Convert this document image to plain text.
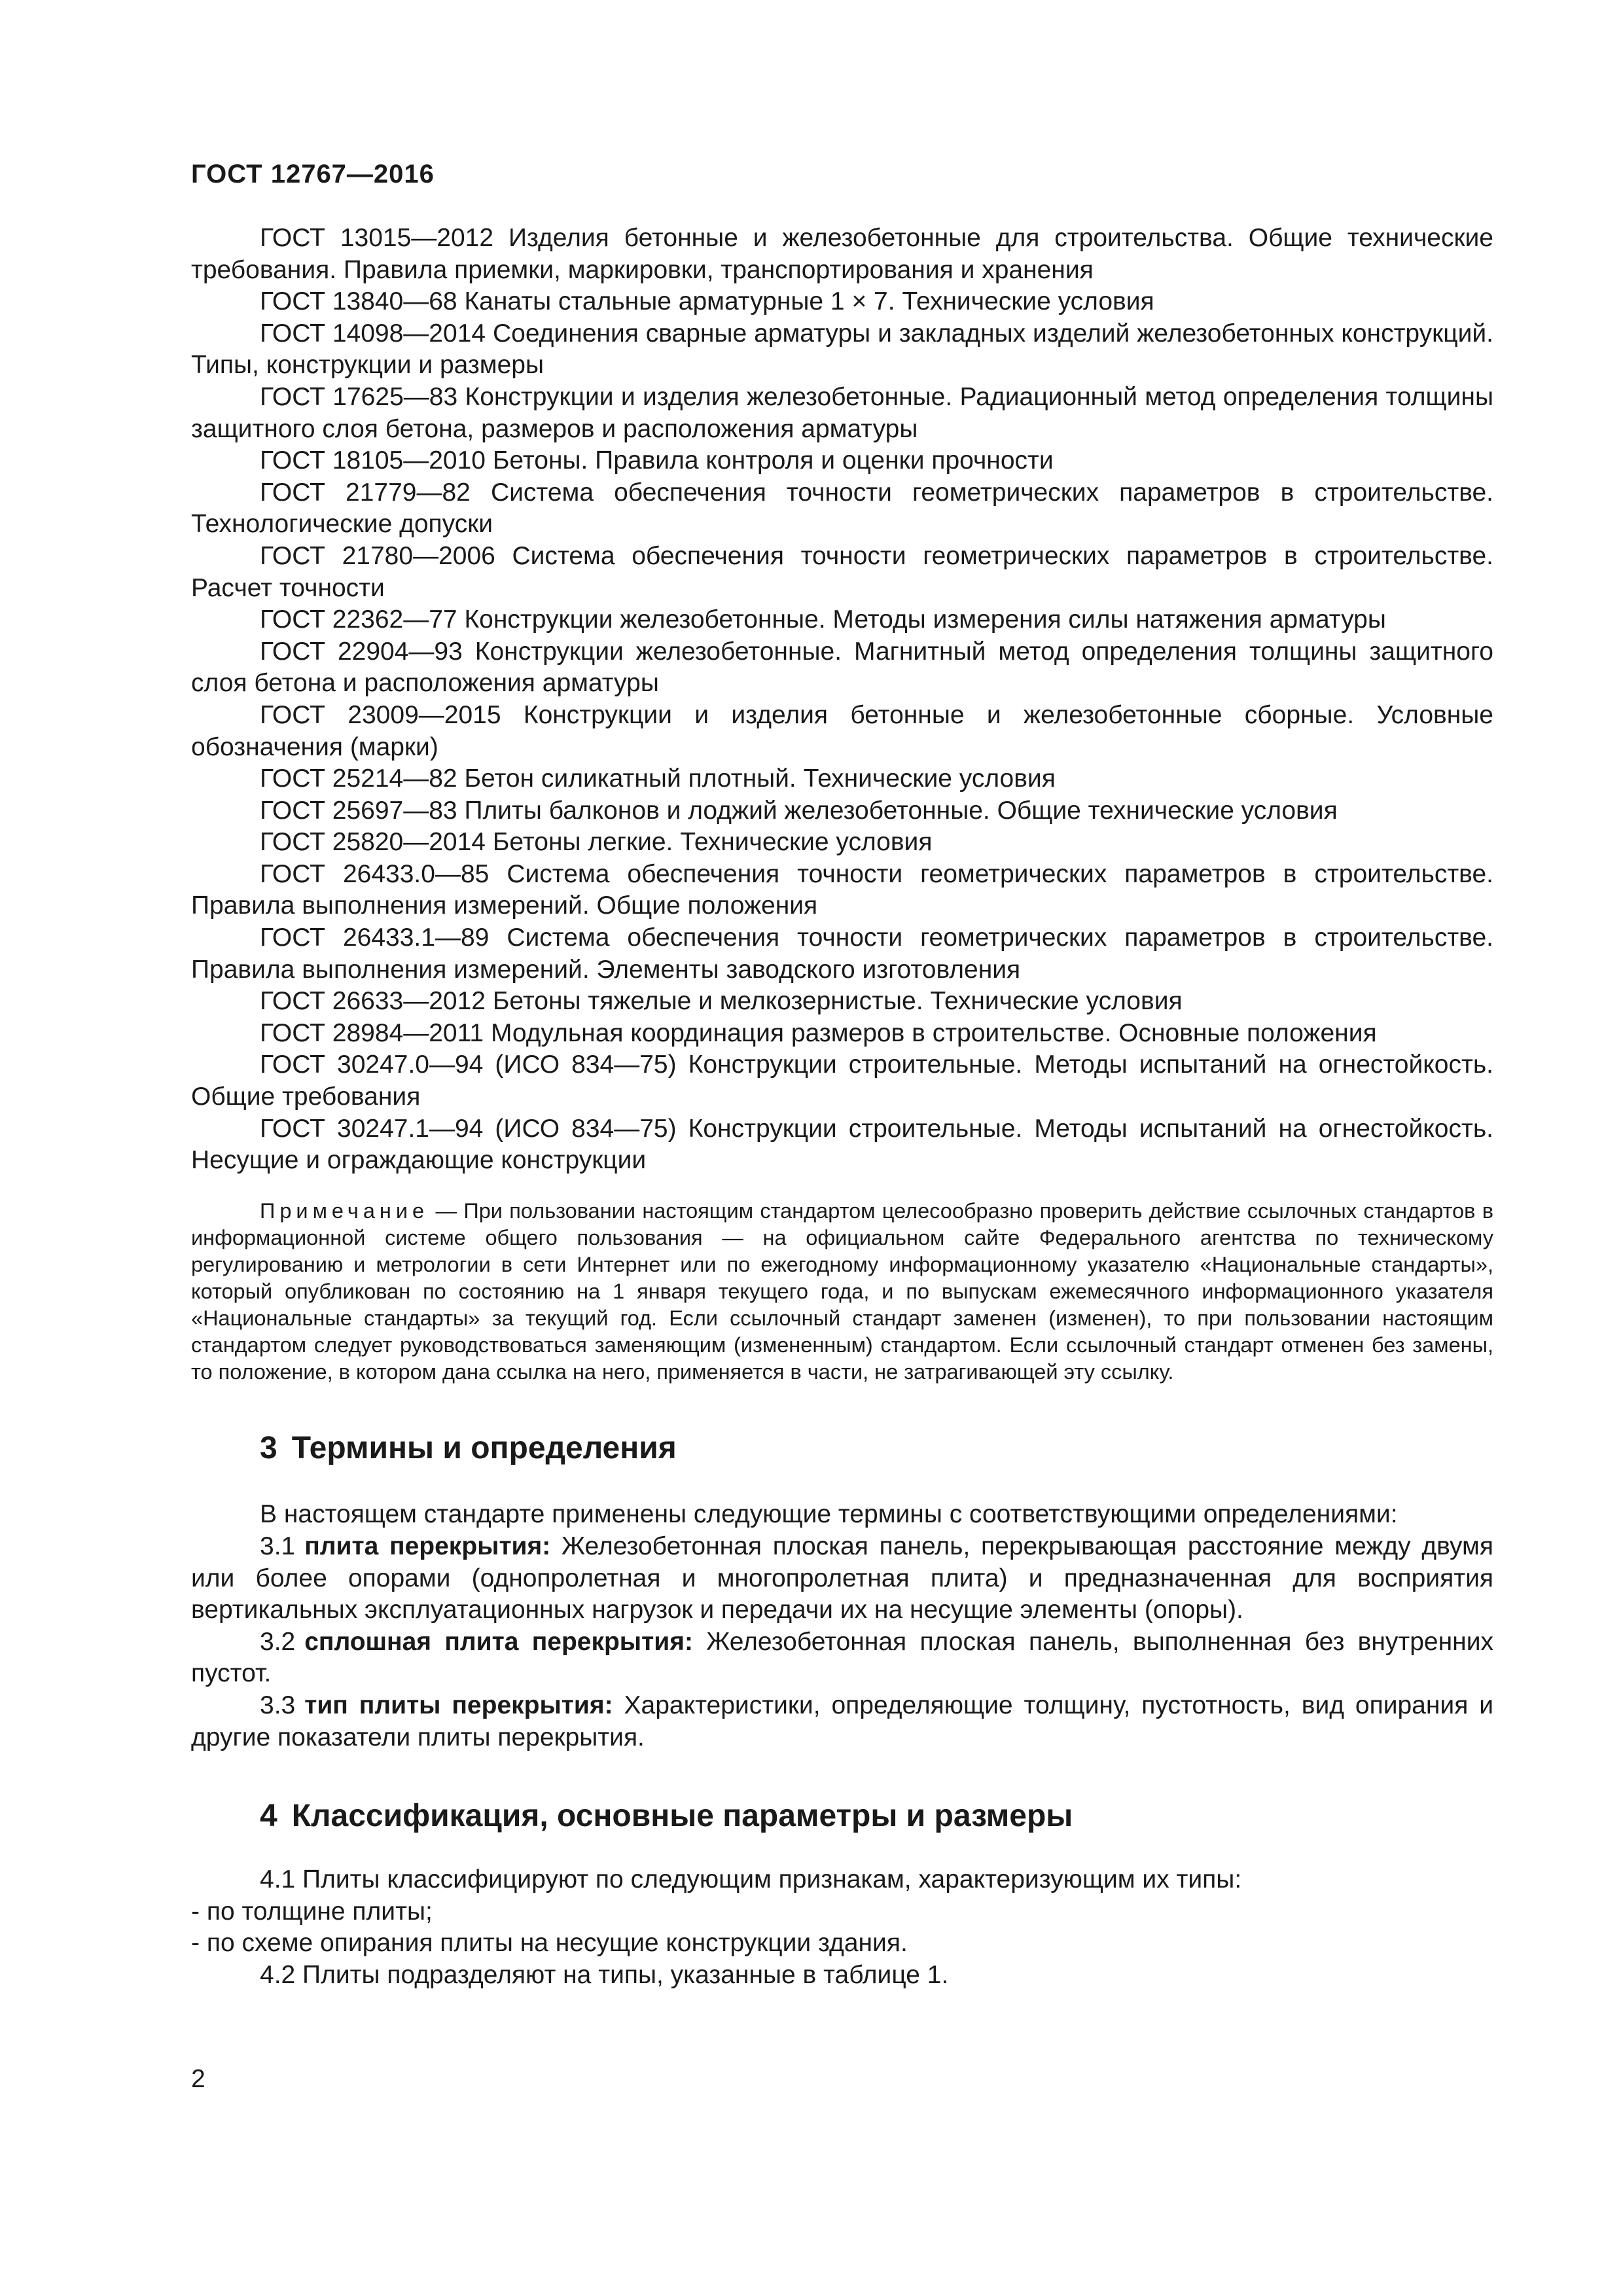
ГОСТ 12767—2016

ГОСТ 13015—2012 Изделия бетонные и железобетонные для строительства. Общие технические требования. Правила приемки, маркировки, транспортирования и хранения

ГОСТ 13840—68 Канаты стальные арматурные 1 × 7. Технические условия

ГОСТ 14098—2014 Соединения сварные арматуры и закладных изделий железобетонных конструкций. Типы, конструкции и размеры

ГОСТ 17625—83 Конструкции и изделия железобетонные. Радиационный метод определения толщины защитного слоя бетона, размеров и расположения арматуры

ГОСТ 18105—2010 Бетоны. Правила контроля и оценки прочности

ГОСТ 21779—82 Система обеспечения точности геометрических параметров в строительстве. Технологические допуски

ГОСТ 21780—2006 Система обеспечения точности геометрических параметров в строительстве. Расчет точности

ГОСТ 22362—77 Конструкции железобетонные. Методы измерения силы натяжения арматуры

ГОСТ 22904—93 Конструкции железобетонные. Магнитный метод определения толщины защитного слоя бетона и расположения арматуры

ГОСТ 23009—2015 Конструкции и изделия бетонные и железобетонные сборные. Условные обозначения (марки)

ГОСТ 25214—82 Бетон силикатный плотный. Технические условия

ГОСТ 25697—83 Плиты балконов и лоджий железобетонные. Общие технические условия

ГОСТ 25820—2014 Бетоны легкие. Технические условия

ГОСТ 26433.0—85 Система обеспечения точности геометрических параметров в строительстве. Правила выполнения измерений. Общие положения

ГОСТ 26433.1—89 Система обеспечения точности геометрических параметров в строительстве. Правила выполнения измерений. Элементы заводского изготовления

ГОСТ 26633—2012 Бетоны тяжелые и мелкозернистые. Технические условия

ГОСТ 28984—2011 Модульная координация размеров в строительстве. Основные положения

ГОСТ 30247.0—94 (ИСО 834—75) Конструкции строительные. Методы испытаний на огнестойкость. Общие требования

ГОСТ 30247.1—94 (ИСО 834—75) Конструкции строительные. Методы испытаний на огнестойкость. Несущие и ограждающие конструкции

Примечание — При пользовании настоящим стандартом целесообразно проверить действие ссылочных стандартов в информационной системе общего пользования — на официальном сайте Федерального агентства по техническому регулированию и метрологии в сети Интернет или по ежегодному информационному указателю «Национальные стандарты», который опубликован по состоянию на 1 января текущего года, и по выпускам ежемесячного информационного указателя «Национальные стандарты» за текущий год. Если ссылочный стандарт заменен (изменен), то при пользовании настоящим стандартом следует руководствоваться заменяющим (измененным) стандартом. Если ссылочный стандарт отменен без замены, то положение, в котором дана ссылка на него, применяется в части, не затрагивающей эту ссылку.

3 Термины и определения

В настоящем стандарте применены следующие термины с соответствующими определениями:

3.1 плита перекрытия: Железобетонная плоская панель, перекрывающая расстояние между двумя или более опорами (однопролетная и многопролетная плита) и предназначенная для восприятия вертикальных эксплуатационных нагрузок и передачи их на несущие элементы (опоры).

3.2 сплошная плита перекрытия: Железобетонная плоская панель, выполненная без внутренних пустот.

3.3 тип плиты перекрытия: Характеристики, определяющие толщину, пустотность, вид опирания и другие показатели плиты перекрытия.

4 Классификация, основные параметры и размеры

4.1 Плиты классифицируют по следующим признакам, характеризующим их типы:

- по толщине плиты;

- по схеме опирания плиты на несущие конструкции здания.

4.2 Плиты подразделяют на типы, указанные в таблице 1.

2
